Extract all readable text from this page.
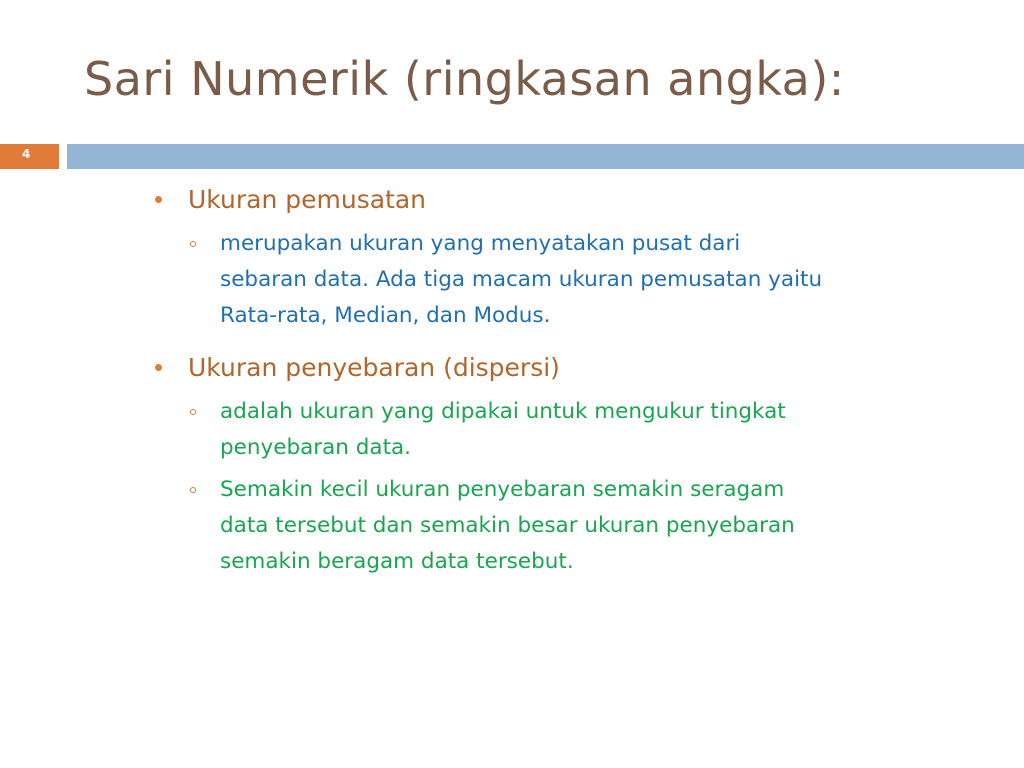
Sari Numerik (ringkasan angka):
4
Ukuran pemusatan
merupakan ukuran yang menyatakan pusat dari
sebaran data. Ada tiga macam ukuran pemusatan yaitu
Rata-rata, Median, dan Modus.
Ukuran penyebaran (dispersi)
adalah ukuran yang dipakai untuk mengukur tingkat
penyebaran data.
Semakin kecil ukuran penyebaran semakin seragam
data tersebut dan semakin besar ukuran penyebaran
semakin beragam data tersebut.
